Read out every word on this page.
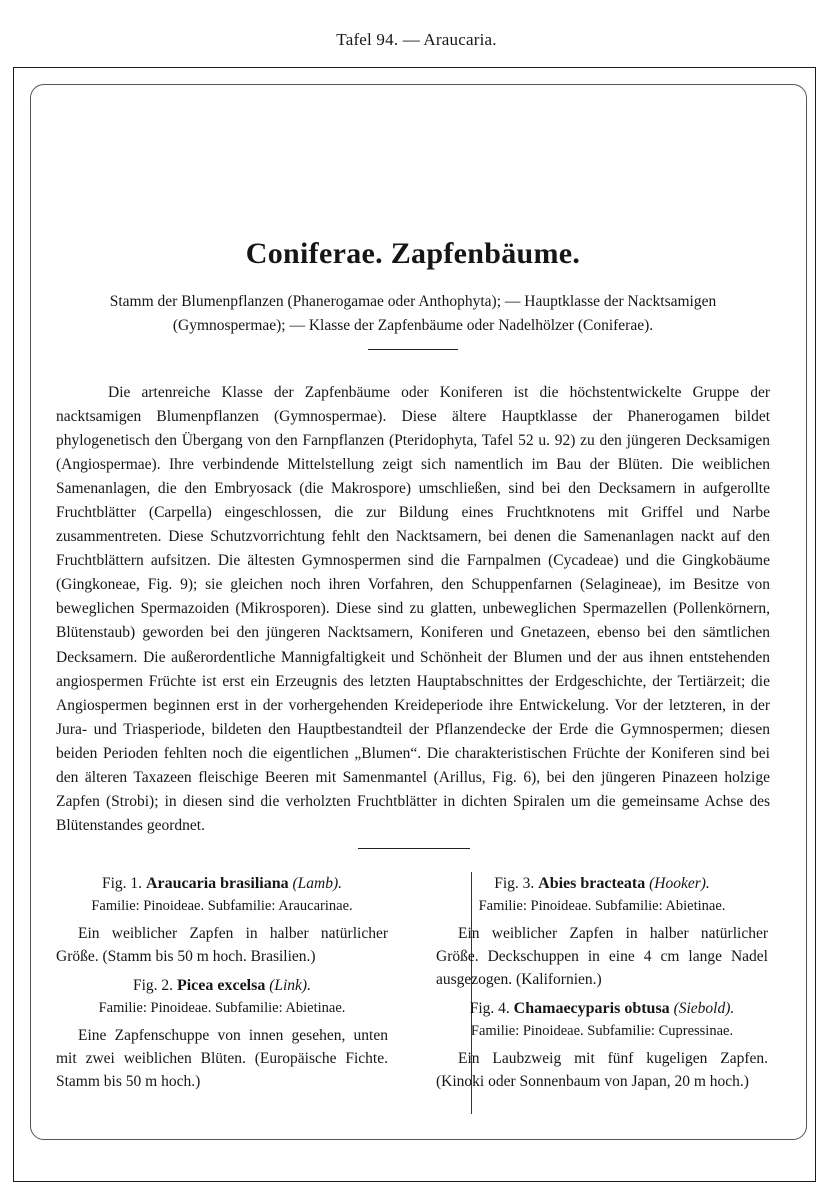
Tafel 94. — Araucaria.
Coniferae. Zapfenbäume.
Stamm der Blumenpflanzen (Phanerogamae oder Anthophyta); — Hauptklasse der Nacktsamigen (Gymnospermae); — Klasse der Zapfenbäume oder Nadelhölzer (Coniferae).

Die artenreiche Klasse der Zapfenbäume oder Koniferen ist die höchstentwickelte Gruppe der nacktsamigen Blumenpflanzen (Gymnospermae). Diese ältere Hauptklasse der Phanerogamen bildet phylogenetisch den Übergang von den Farnpflanzen (Pteridophyta, Tafel 52 u. 92) zu den jüngeren Decksamigen (Angiospermae). Ihre verbindende Mittelstellung zeigt sich namentlich im Bau der Blüten. Die weiblichen Samenanlagen, die den Embryosack (die Makrospore) umschließen, sind bei den Decksamern in aufgerollte Fruchtblätter (Carpella) eingeschlossen, die zur Bildung eines Fruchtknotens mit Griffel und Narbe zusammentreten. Diese Schutzvorrichtung fehlt den Nacktsamern, bei denen die Samenanlagen nackt auf den Fruchtblättern aufsitzen. Die ältesten Gymnospermen sind die Farnpalmen (Cycadeae) und die Gingkobäume (Gingkoneae, Fig. 9); sie gleichen noch ihren Vorfahren, den Schuppenfarnen (Selagineae), im Besitze von beweglichen Spermazoiden (Mikrosporen). Diese sind zu glatten, unbeweglichen Spermazellen (Pollenkörnern, Blütenstaub) geworden bei den jüngeren Nacktsamern, Koniferen und Gnetazeen, ebenso bei den sämtlichen Decksamern. Die außerordentliche Mannigfaltigkeit und Schönheit der Blumen und der aus ihnen entstehenden angiospermen Früchte ist erst ein Erzeugnis des letzten Hauptabschnittes der Erdgeschichte, der Tertiärzeit; die Angiospermen beginnen erst in der vorhergehenden Kreideperiode ihre Entwickelung. Vor der letzteren, in der Jura- und Triasperiode, bildeten den Hauptbestandteil der Pflanzendecke der Erde die Gymnospermen; diesen beiden Perioden fehlten noch die eigentlichen „Blumen“. Die charakteristischen Früchte der Koniferen sind bei den älteren Taxazeen fleischige Beeren mit Samenmantel (Arillus, Fig. 6), bei den jüngeren Pinazeen holzige Zapfen (Strobi); in diesen sind die verholzten Fruchtblätter in dichten Spiralen um die gemeinsame Achse des Blütenstandes geordnet.

Fig. 1. Araucaria brasiliana (Lamb).
Familie: Pinoideae. Subfamilie: Araucarinae.

Ein weiblicher Zapfen in halber natürlicher Größe. (Stamm bis 50 m hoch. Brasilien.)

Fig. 2. Picea excelsa (Link).
Familie: Pinoideae. Subfamilie: Abietinae.

Eine Zapfenschuppe von innen gesehen, unten mit zwei weiblichen Blüten. (Europäische Fichte. Stamm bis 50 m hoch.)

Fig. 3. Abies bracteata (Hooker).
Familie: Pinoideae. Subfamilie: Abietinae.

Ein weiblicher Zapfen in halber natürlicher Größe. Deckschuppen in eine 4 cm lange Nadel ausgezogen. (Kalifornien.)

Fig. 4. Chamaecyparis obtusa (Siebold).
Familie: Pinoideae. Subfamilie: Cupressinae.

Ein Laubzweig mit fünf kugeligen Zapfen. (Kinoki oder Sonnenbaum von Japan, 20 m hoch.)
